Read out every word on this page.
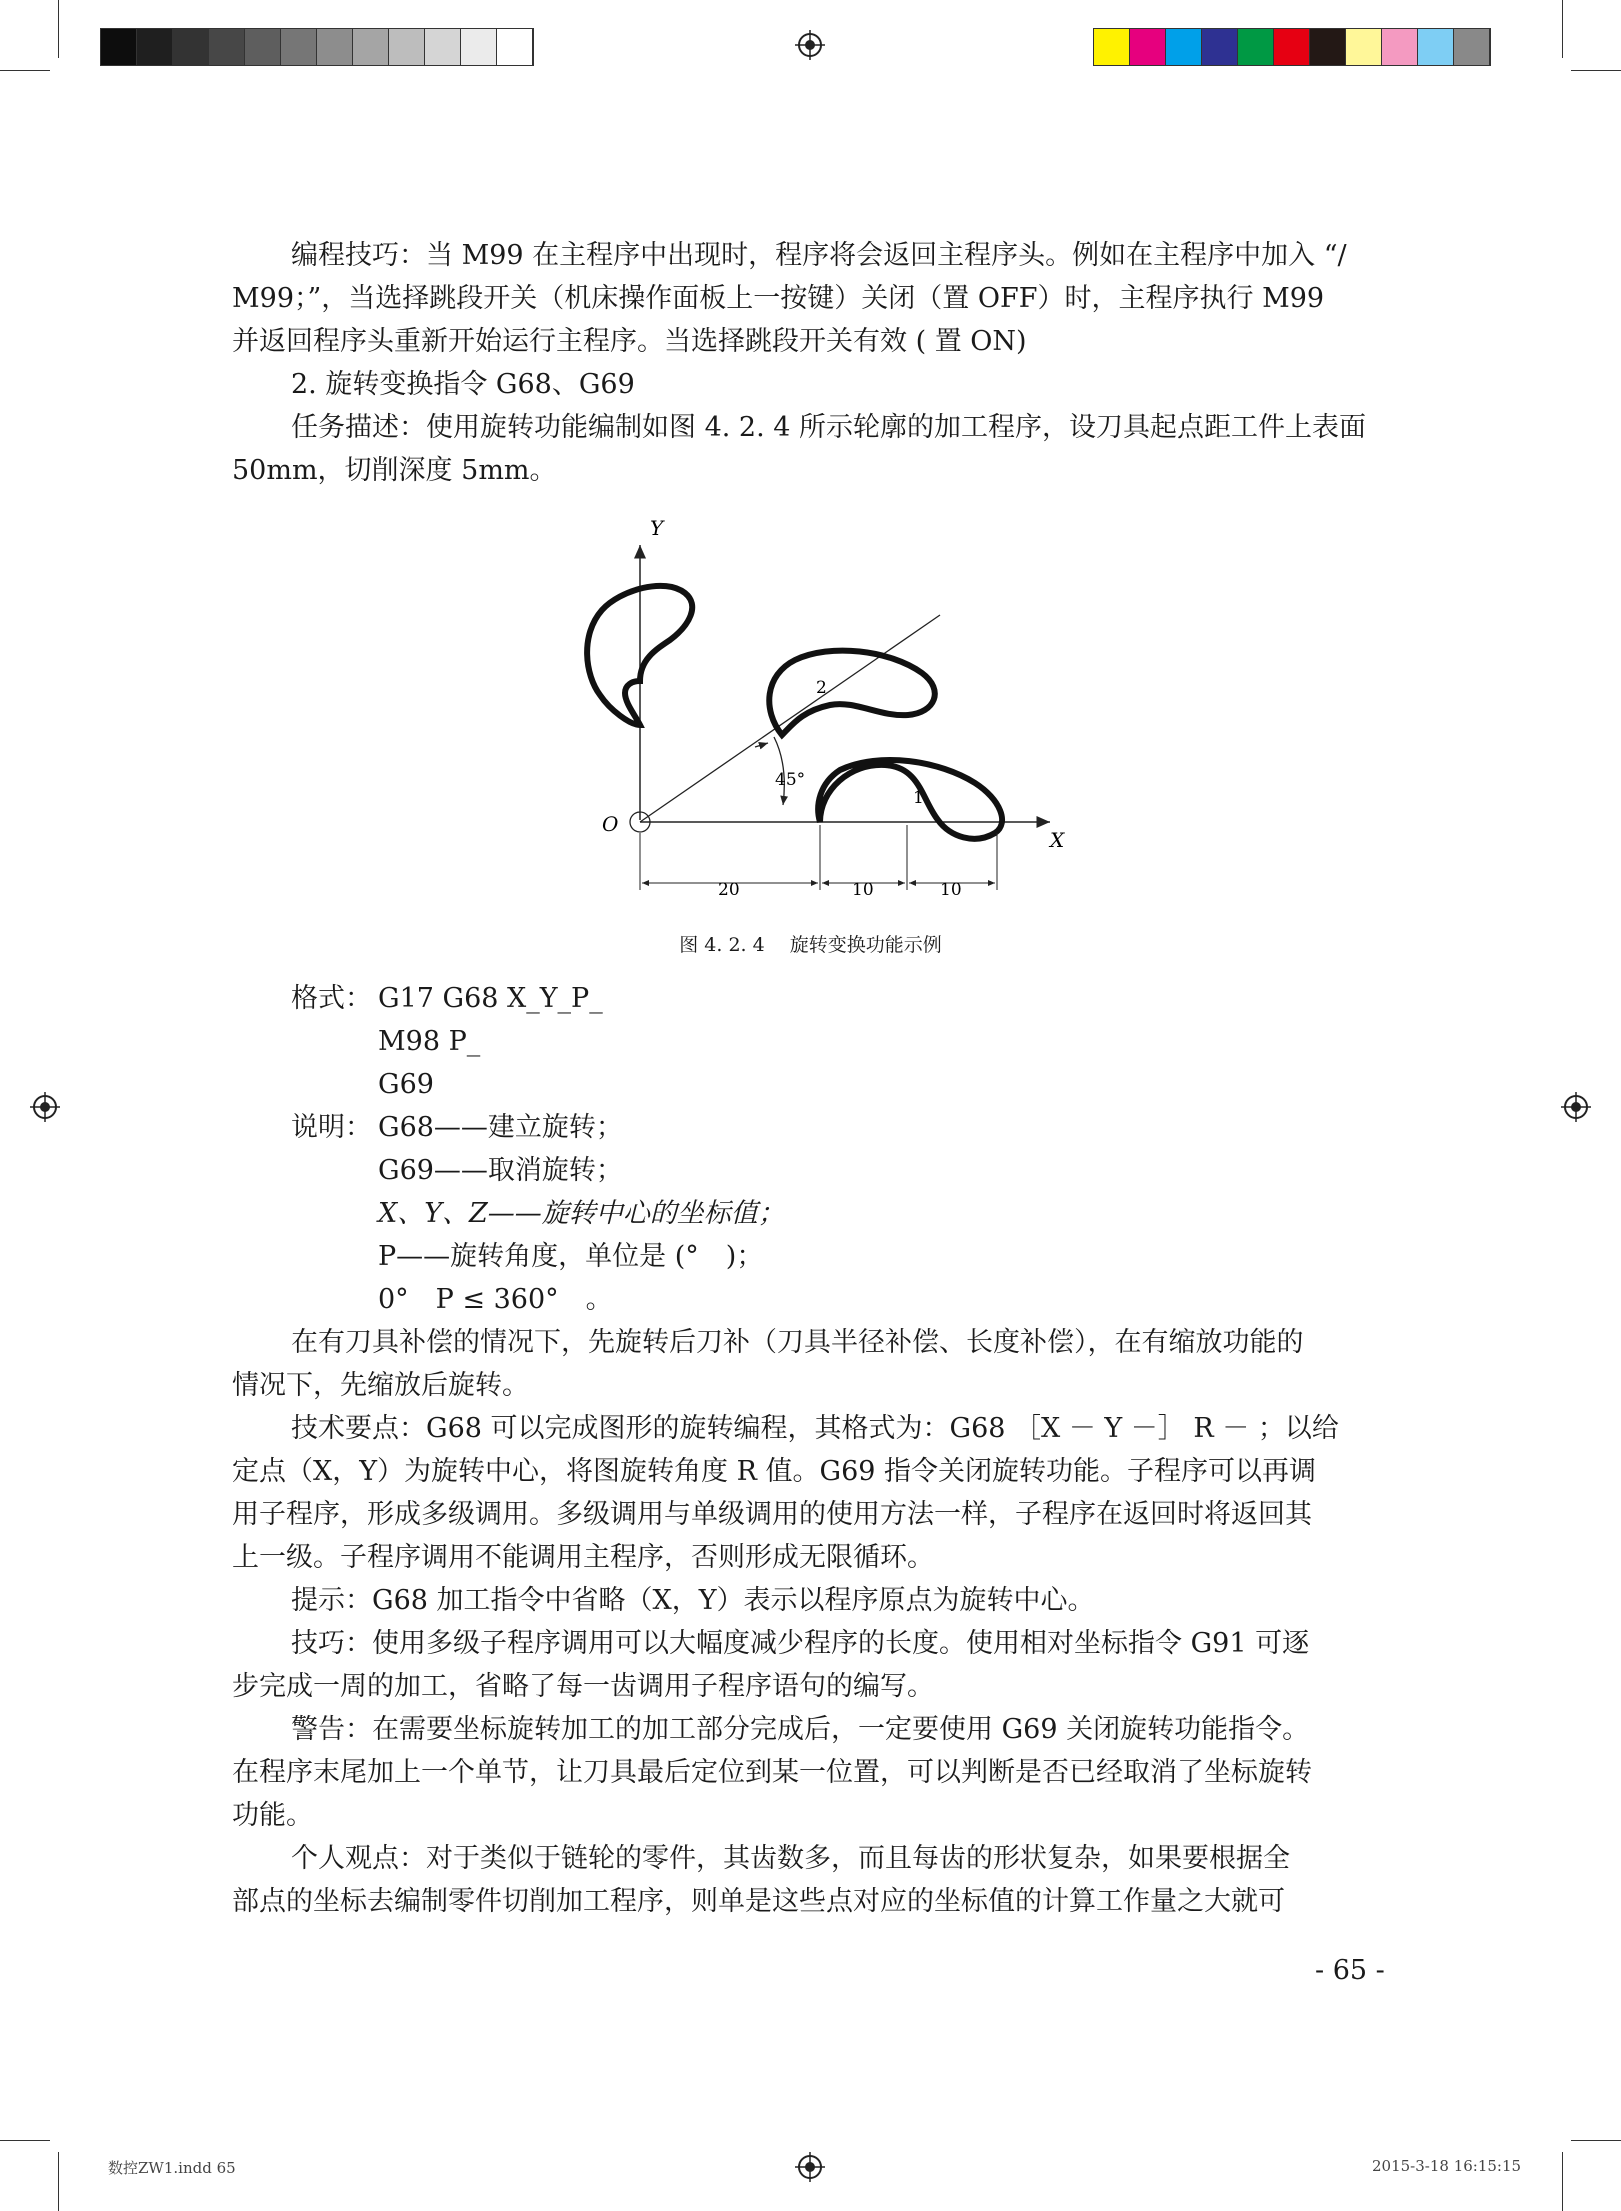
编程技巧：当 M99 在主程序中出现时，程序将会返回主程序头。例如在主程序中加入 “/
M99；”，当选择跳段开关（机床操作面板上一按键）关闭（置 OFF）时，主程序执行 M99
并返回程序头重新开始运行主程序。当选择跳段开关有效 ( 置 ON)
2. 旋转变换指令 G68、G69
任务描述：使用旋转功能编制如图 4. 2. 4 所示轮廓的加工程序，设刀具起点距工件上表面
50mm，切削深度 5mm。
格式： G17 G68 X_Y_P_
M98 P_
G69
说明： G68——建立旋转；
G69——取消旋转；
X、Y、Z——旋转中心的坐标值；
P——旋转角度，单位是 (°　)；
0°　P ≤ 360°　。
在有刀具补偿的情况下，先旋转后刀补（刀具半径补偿、长度补偿），在有缩放功能的
情况下，先缩放后旋转。
技术要点：G68 可以完成图形的旋转编程，其格式为：G68 ［X － Y －］ R － ；以给
定点（X，Y）为旋转中心，将图旋转角度 R 值。G69 指令关闭旋转功能。子程序可以再调
用子程序，形成多级调用。多级调用与单级调用的使用方法一样，子程序在返回时将返回其
上一级。子程序调用不能调用主程序，否则形成无限循环。
提示：G68 加工指令中省略（X，Y）表示以程序原点为旋转中心。
技巧：使用多级子程序调用可以大幅度减少程序的长度。使用相对坐标指令 G91 可逐
步完成一周的加工，省略了每一齿调用子程序语句的编写。
警告：在需要坐标旋转加工的加工部分完成后，一定要使用 G69 关闭旋转功能指令。
在程序末尾加上一个单节，让刀具最后定位到某一位置，可以判断是否已经取消了坐标旋转
功能。
个人观点：对于类似于链轮的零件，其齿数多，而且每齿的形状复杂，如果要根据全
部点的坐标去编制零件切削加工程序，则单是这些点对应的坐标值的计算工作量之大就可
Y
X
O
45°
1
2
20	10	10
图 4. 2. 4　 旋转变换功能示例
- 65 -
数控ZW1.indd 65	2015-3-18 16:15:15
